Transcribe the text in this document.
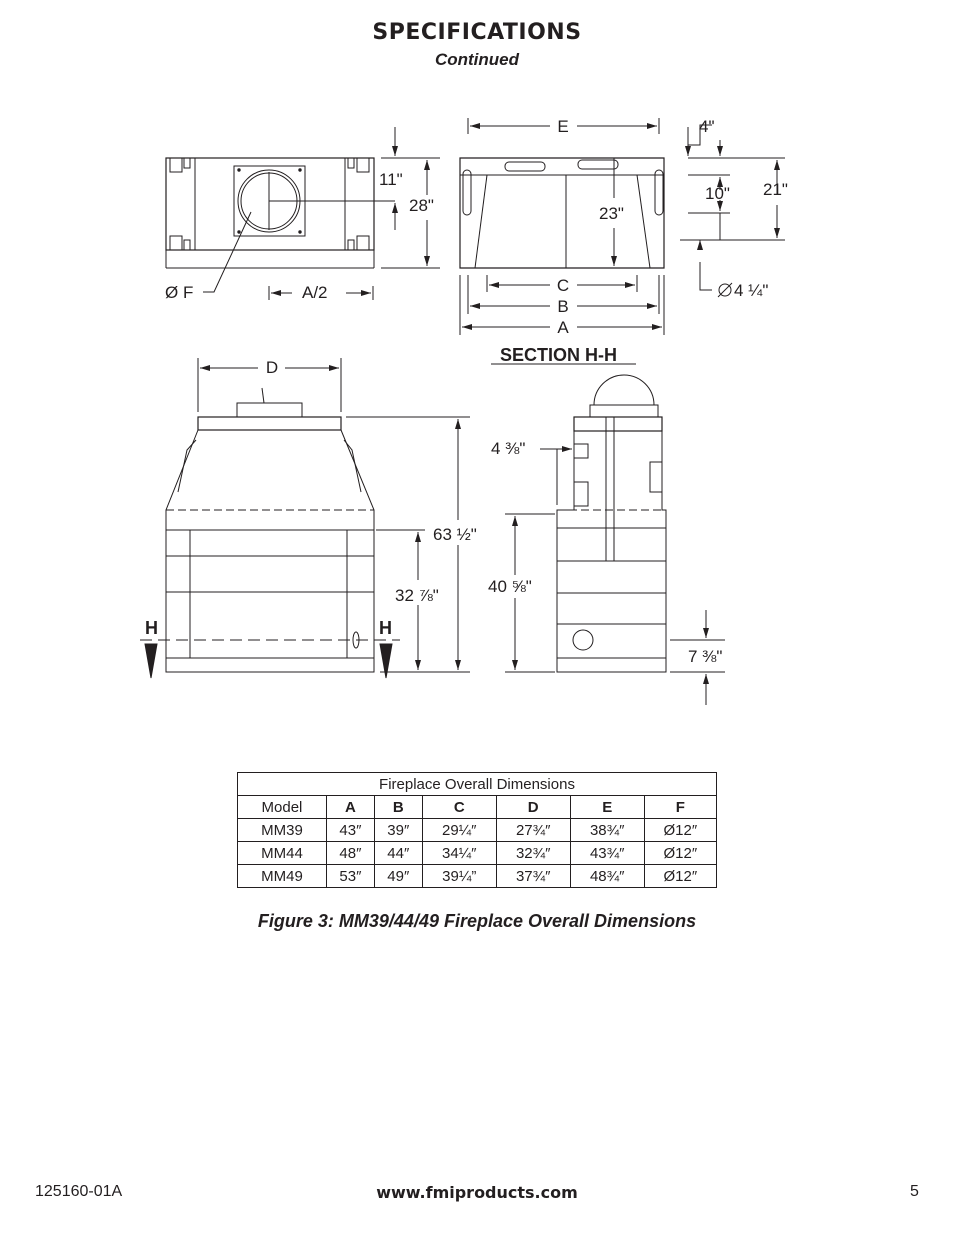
SPECIFICATIONS
Continued
E	4"
11"
28"
10" 21"
23"
Ø F	A/2	C
B
A
4 ¼"
SECTION H-H
D
4 ⅜"
63 ½"
40 ⅝"
32 ⅞"
H	H
7 ⅜"
Fireplace Overall Dimensions						
Model	A	B	C	D	E	F
MM39	43″	39″	29¼″	27¾″	38¾″	Ø12″
MM44	48″	44″	34¼″	32¾″	43¾″	Ø12″
MM49	53″	49″	39¼”	37¾″	48¾″	Ø12″
Figure 3: MM39/44/49 Fireplace Overall Dimensions
125160-01A	www.fmiproducts.com	5
